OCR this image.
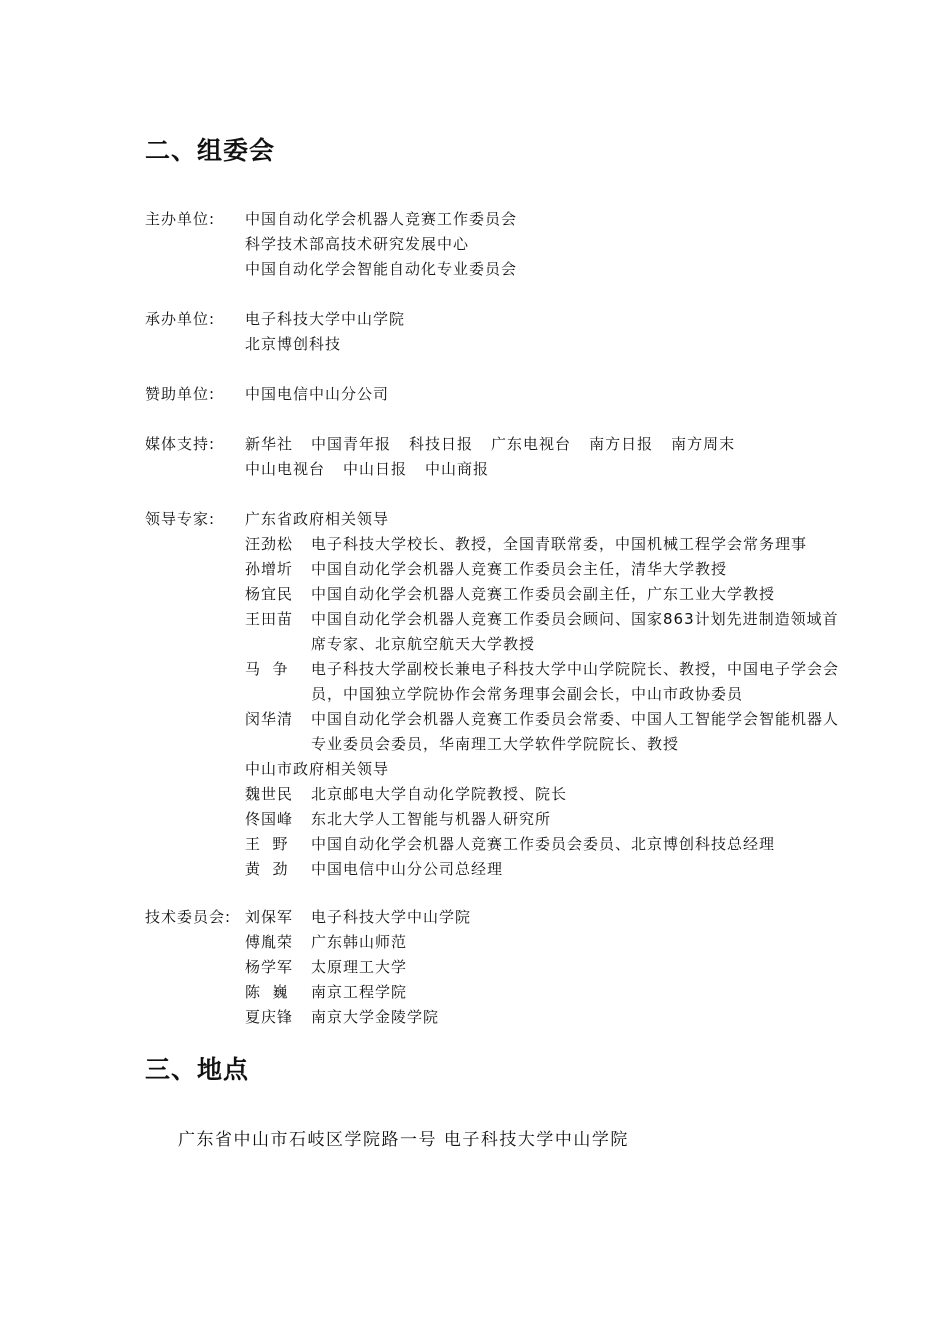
二、组委会
主办单位:	中国自动化学会机器人竞赛工作委员会
科学技术部高技术研究发展中心
中国自动化学会智能自动化专业委员会
承办单位:	电子科技大学中山学院
北京博创科技
赞助单位:	中国电信中山分公司
媒体支持:	新华社 中国青年报 科技日报 广东电视台 南方日报 南方周末
中山电视台 中山日报 中山商报
领导专家:	广东省政府相关领导
汪劲松	电子科技大学校长、教授，全国青联常委，中国机械工程学会常务理事
孙增圻	中国自动化学会机器人竞赛工作委员会主任，清华大学教授
杨宜民	中国自动化学会机器人竞赛工作委员会副主任，广东工业大学教授
王田苗	中国自动化学会机器人竞赛工作委员会顾问、国家863计划先进制造领域首席专家、北京航空航天大学教授
马  争	电子科技大学副校长兼电子科技大学中山学院院长、教授，中国电子学会会员，中国独立学院协作会常务理事会副会长，中山市政协委员
闵华清	中国自动化学会机器人竞赛工作委员会常委、中国人工智能学会智能机器人专业委员会委员，华南理工大学软件学院院长、教授
中山市政府相关领导
魏世民	北京邮电大学自动化学院教授、院长
佟国峰	东北大学人工智能与机器人研究所
王  野	中国自动化学会机器人竞赛工作委员会委员、北京博创科技总经理
黄  劲	中国电信中山分公司总经理
技术委员会: 刘保军	电子科技大学中山学院
傅胤荣	广东韩山师范
杨学军	太原理工大学
陈  巍	南京工程学院
夏庆锋	南京大学金陵学院
三、地点
广东省中山市石岐区学院路一号 电子科技大学中山学院
